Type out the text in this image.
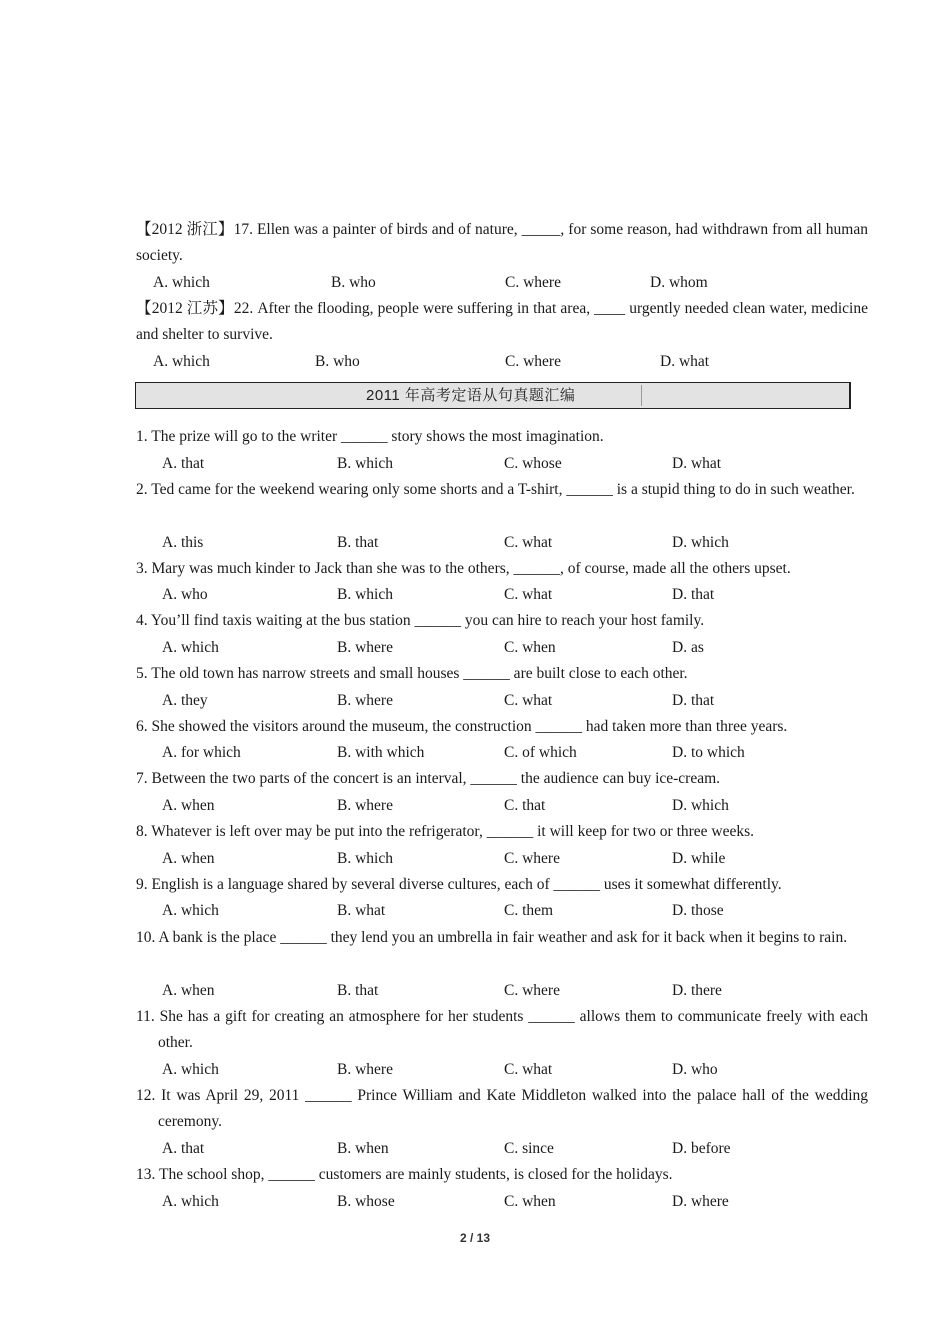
【2012 浙江】17. Ellen was a painter of birds and of nature, _____, for some reason, had withdrawn from all human society.
A. which	B. who	C. where	D. whom
【2012 江苏】22. After the flooding, people were suffering in that area, ____ urgently needed clean water, medicine and shelter to survive.
A. which	B. who	C. where	D. what
2011 年高考定语从句真题汇编
1. The prize will go to the writer ______ story shows the most imagination.
A. that	B. which	C. whose	D. what
2. Ted came for the weekend wearing only some shorts and a T-shirt, ______ is a stupid thing to do in such weather.
A. this	B. that	C. what	D. which
3. Mary was much kinder to Jack than she was to the others, ______, of course, made all the others upset.
A. who	B. which	C. what	D. that
4. You’ll find taxis waiting at the bus station ______ you can hire to reach your host family.
A. which	B. where	C. when	D. as
5. The old town has narrow streets and small houses ______ are built close to each other.
A. they	B. where	C. what	D. that
6. She showed the visitors around the museum, the construction ______ had taken more than three years.
A. for which	B. with which	C. of which	D. to which
7. Between the two parts of the concert is an interval, ______ the audience can buy ice-cream.
A. when	B. where	C. that	D. which
8. Whatever is left over may be put into the refrigerator, ______ it will keep for two or three weeks.
A. when	B. which	C. where	D. while
9. English is a language shared by several diverse cultures, each of ______ uses it somewhat differently.
A. which	B. what	C. them	D. those
10. A bank is the place ______ they lend you an umbrella in fair weather and ask for it back when it begins to rain.
A. when	B. that	C. where	D. there
11. She has a gift for creating an atmosphere for her students ______ allows them to communicate freely with each other.
A. which	B. where	C. what	D. who
12. It was April 29, 2011 ______ Prince William and Kate Middleton walked into the palace hall of the wedding ceremony.
A. that	B. when	C. since	D. before
13. The school shop, ______ customers are mainly students, is closed for the holidays.
A. which	B. whose	C. when	D. where
2 / 13
